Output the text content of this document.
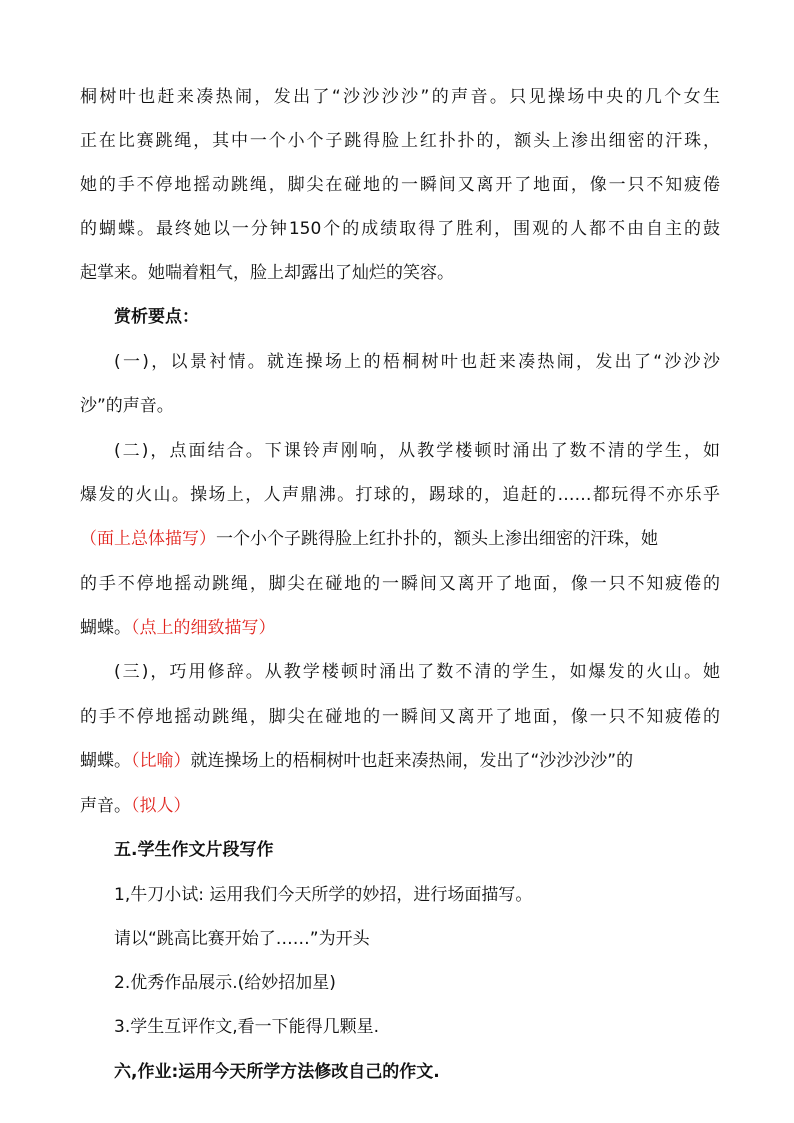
桐树叶也赶来凑热闹，发出了“沙沙沙沙”的声音。只见操场中央的几个女生
正在比赛跳绳，其中一个小个子跳得脸上红扑扑的，额头上渗出细密的汗珠，
她的手不停地摇动跳绳，脚尖在碰地的一瞬间又离开了地面，像一只不知疲倦
的蝴蝶。最终她以一分钟150个的成绩取得了胜利，围观的人都不由自主的鼓
起掌来。她喘着粗气，脸上却露出了灿烂的笑容。
赏析要点：
(一)，以景衬情。就连操场上的梧桐树叶也赶来凑热闹，发出了“沙沙沙
沙”的声音。
(二)，点面结合。下课铃声刚响，从教学楼顿时涌出了数不清的学生，如
爆发的火山。操场上，人声鼎沸。打球的，踢球的，追赶的……都玩得不亦乐乎
（面上总体描写）一个小个子跳得脸上红扑扑的，额头上渗出细密的汗珠，她
的手不停地摇动跳绳，脚尖在碰地的一瞬间又离开了地面，像一只不知疲倦的
蝴蝶。（点上的细致描写）
(三)，巧用修辞。从教学楼顿时涌出了数不清的学生，如爆发的火山。她
的手不停地摇动跳绳，脚尖在碰地的一瞬间又离开了地面，像一只不知疲倦的
蝴蝶。（比喻）就连操场上的梧桐树叶也赶来凑热闹，发出了“沙沙沙沙”的
声音。（拟人）
五.学生作文片段写作
1,牛刀小试: 运用我们今天所学的妙招，进行场面描写。
请以“跳高比赛开始了……”为开头
2.优秀作品展示.(给妙招加星)
3.学生互评作文,看一下能得几颗星.
六,作业:运用今天所学方法修改自己的作文.
